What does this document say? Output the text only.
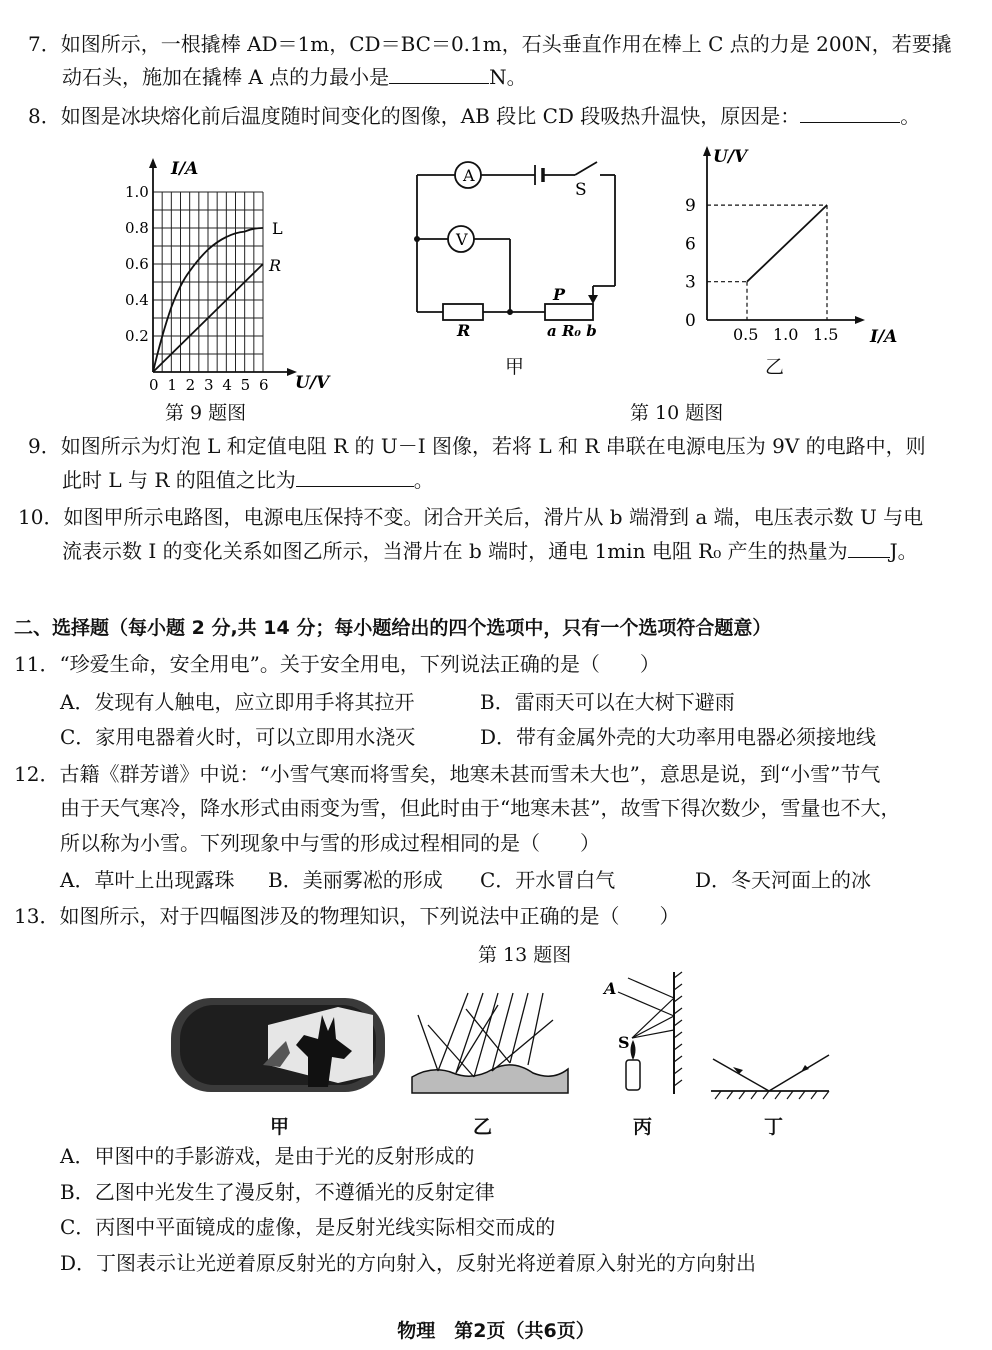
7．如图所示，一根撬棒 AD＝1m，CD＝BC＝0.1m，石头垂直作用在棒上 C 点的力是 200N，若要撬
动石头，施加在撬棒 A 点的力最小是	N。
8．如图是冰块熔化前后温度随时间变化的图像，AB 段比 CD 段吸热升温快，原因是：	。
0 1 2 3 4 5 6
0.2
0.4
0.6
0.8
1.0
I/A
U/V
L
R
第 9 题图
A
V
S
R
P
a R₀ b
甲
0.5 1.0 1.5
0
3
6
9
U/V
I/A
乙
第 10 题图
9．如图所示为灯泡 L 和定值电阻 R 的 U－I 图像，若将 L 和 R 串联在电源电压为 9V 的电路中，则
此时 L 与 R 的阻值之比为	。
10．如图甲所示电路图，电源电压保持不变。闭合开关后，滑片从 b 端滑到 a 端，电压表示数 U 与电
流表示数 I 的变化关系如图乙所示，当滑片在 b 端时，通电 1min 电阻 R₀ 产生的热量为 J。
二、选择题（每小题 2 分,共 14 分；每小题给出的四个选项中，只有一个选项符合题意）
11．“珍爱生命，安全用电”。关于安全用电，下列说法正确的是（　　）
A．发现有人触电，应立即用手将其拉开	B．雷雨天可以在大树下避雨
C．家用电器着火时，可以立即用水浇灭	D．带有金属外壳的大功率用电器必须接地线
12．古籍《群芳谱》中说：“小雪气寒而将雪矣，地寒未甚而雪未大也”，意思是说，到“小雪”节气
由于天气寒冷，降水形式由雨变为雪，但此时由于“地寒未甚”，故雪下得次数少，雪量也不大，
所以称为小雪。下列现象中与雪的形成过程相同的是（　　）
A．草叶上出现露珠 B．美丽雾凇的形成 C．开水冒白气	D．冬天河面上的冰
13．如图所示，对于四幅图涉及的物理知识，下列说法中正确的是（　　）
第 13 题图
甲	乙
A
S
丙	丁
A．甲图中的手影游戏，是由于光的反射形成的
B．乙图中光发生了漫反射，不遵循光的反射定律
C．丙图中平面镜成的虚像，是反射光线实际相交而成的
D．丁图表示让光逆着原反射光的方向射入，反射光将逆着原入射光的方向射出
物理　第2页（共6页）
